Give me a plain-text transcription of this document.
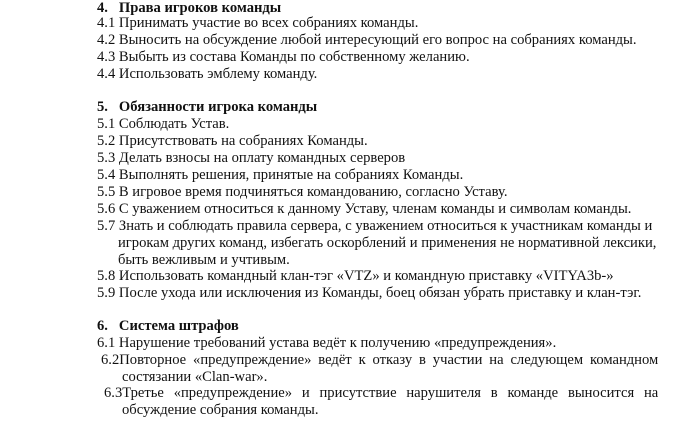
4. Права игроков команды
4.1 Принимать участие во всех собраниях команды.
4.2 Выносить на обсуждение любой интересующий его вопрос на собраниях команды.
4.3 Выбыть из состава Команды по собственному желанию.
4.4 Использовать эмблему команду.
5. Обязанности игрока команды
5.1 Соблюдать Устав.
5.2 Присутствовать на собраниях Команды.
5.3 Делать взносы на оплату командных серверов
5.4 Выполнять решения, принятые на собраниях Команды.
5.5 В игровое время подчиняться командованию, согласно Уставу.
5.6 С уважением относиться к данному Уставу, членам команды и символам команды.
5.7 Знать и соблюдать правила сервера, с уважением относиться к участникам команды и
игрокам других команд, избегать оскорблений и применения не нормативной лексики,
быть вежливым и учтивым.
5.8 Использовать командный клан-тэг «VTZ» и командную приставку «VITYA3b-»
5.9 После ухода или исключения из Команды, боец обязан убрать приставку и клан-тэг.
6. Система штрафов
6.1 Нарушение требований устава ведёт к получению «предупреждения».
6.2Повторное «предупреждение» ведёт к отказу в участии на следующем командном
состязании «Clan-war».
6.3Третье «предупреждение» и присутствие нарушителя в команде выносится на
обсуждение собрания команды.
